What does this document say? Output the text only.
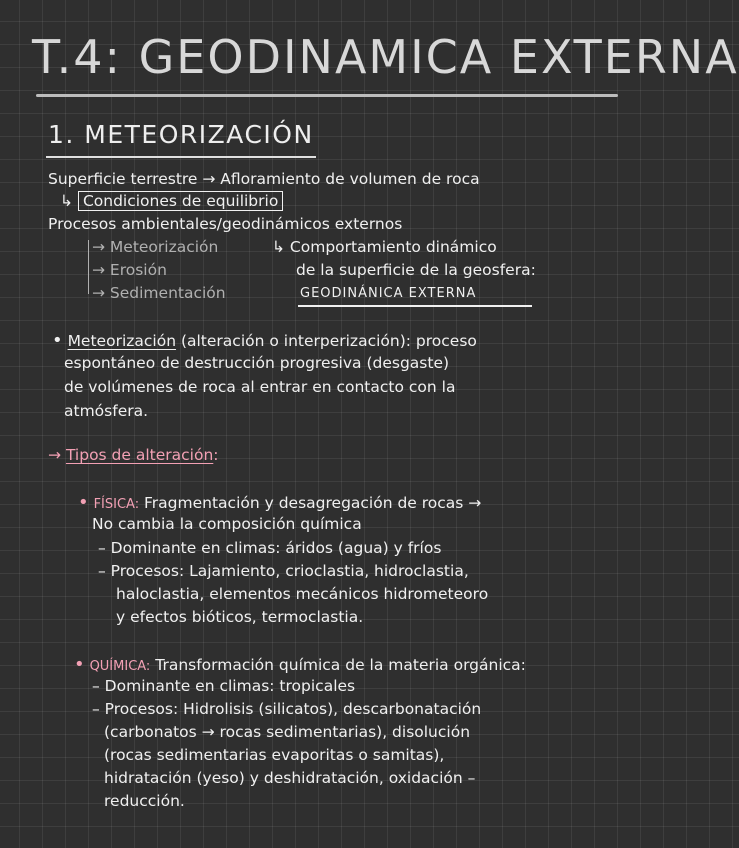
T.4: GEODINAMICA EXTERNA
1. METEORIZACIÓN
Superficie terrestre → Afloramiento de volumen de roca
↳ Condiciones de equilibrio
Procesos ambientales/geodinámicos externos
→ Meteorización
→ Erosión
→ Sedimentación
↳ Comportamiento dinámico
de la superficie de la geosfera:
GEODINÁNICA EXTERNA
• Meteorización (alteración o interperización): proceso
espontáneo de destrucción progresiva (desgaste)
de volúmenes de roca al entrar en contacto con la
atmósfera.
→ Tipos de alteración:
• FÍSICA: Fragmentación y desagregación de rocas →
No cambia la composición química
– Dominante en climas: áridos (agua) y fríos
– Procesos: Lajamiento, crioclastia, hidroclastia,
haloclastia, elementos mecánicos hidrometeoro
y efectos bióticos, termoclastia.
• QUÍMICA: Transformación química de la materia orgánica:
– Dominante en climas: tropicales
– Procesos: Hidrolisis (silicatos), descarbonatación
(carbonatos → rocas sedimentarias), disolución
(rocas sedimentarias evaporitas o samitas),
hidratación (yeso) y deshidratación, oxidación –
reducción.
